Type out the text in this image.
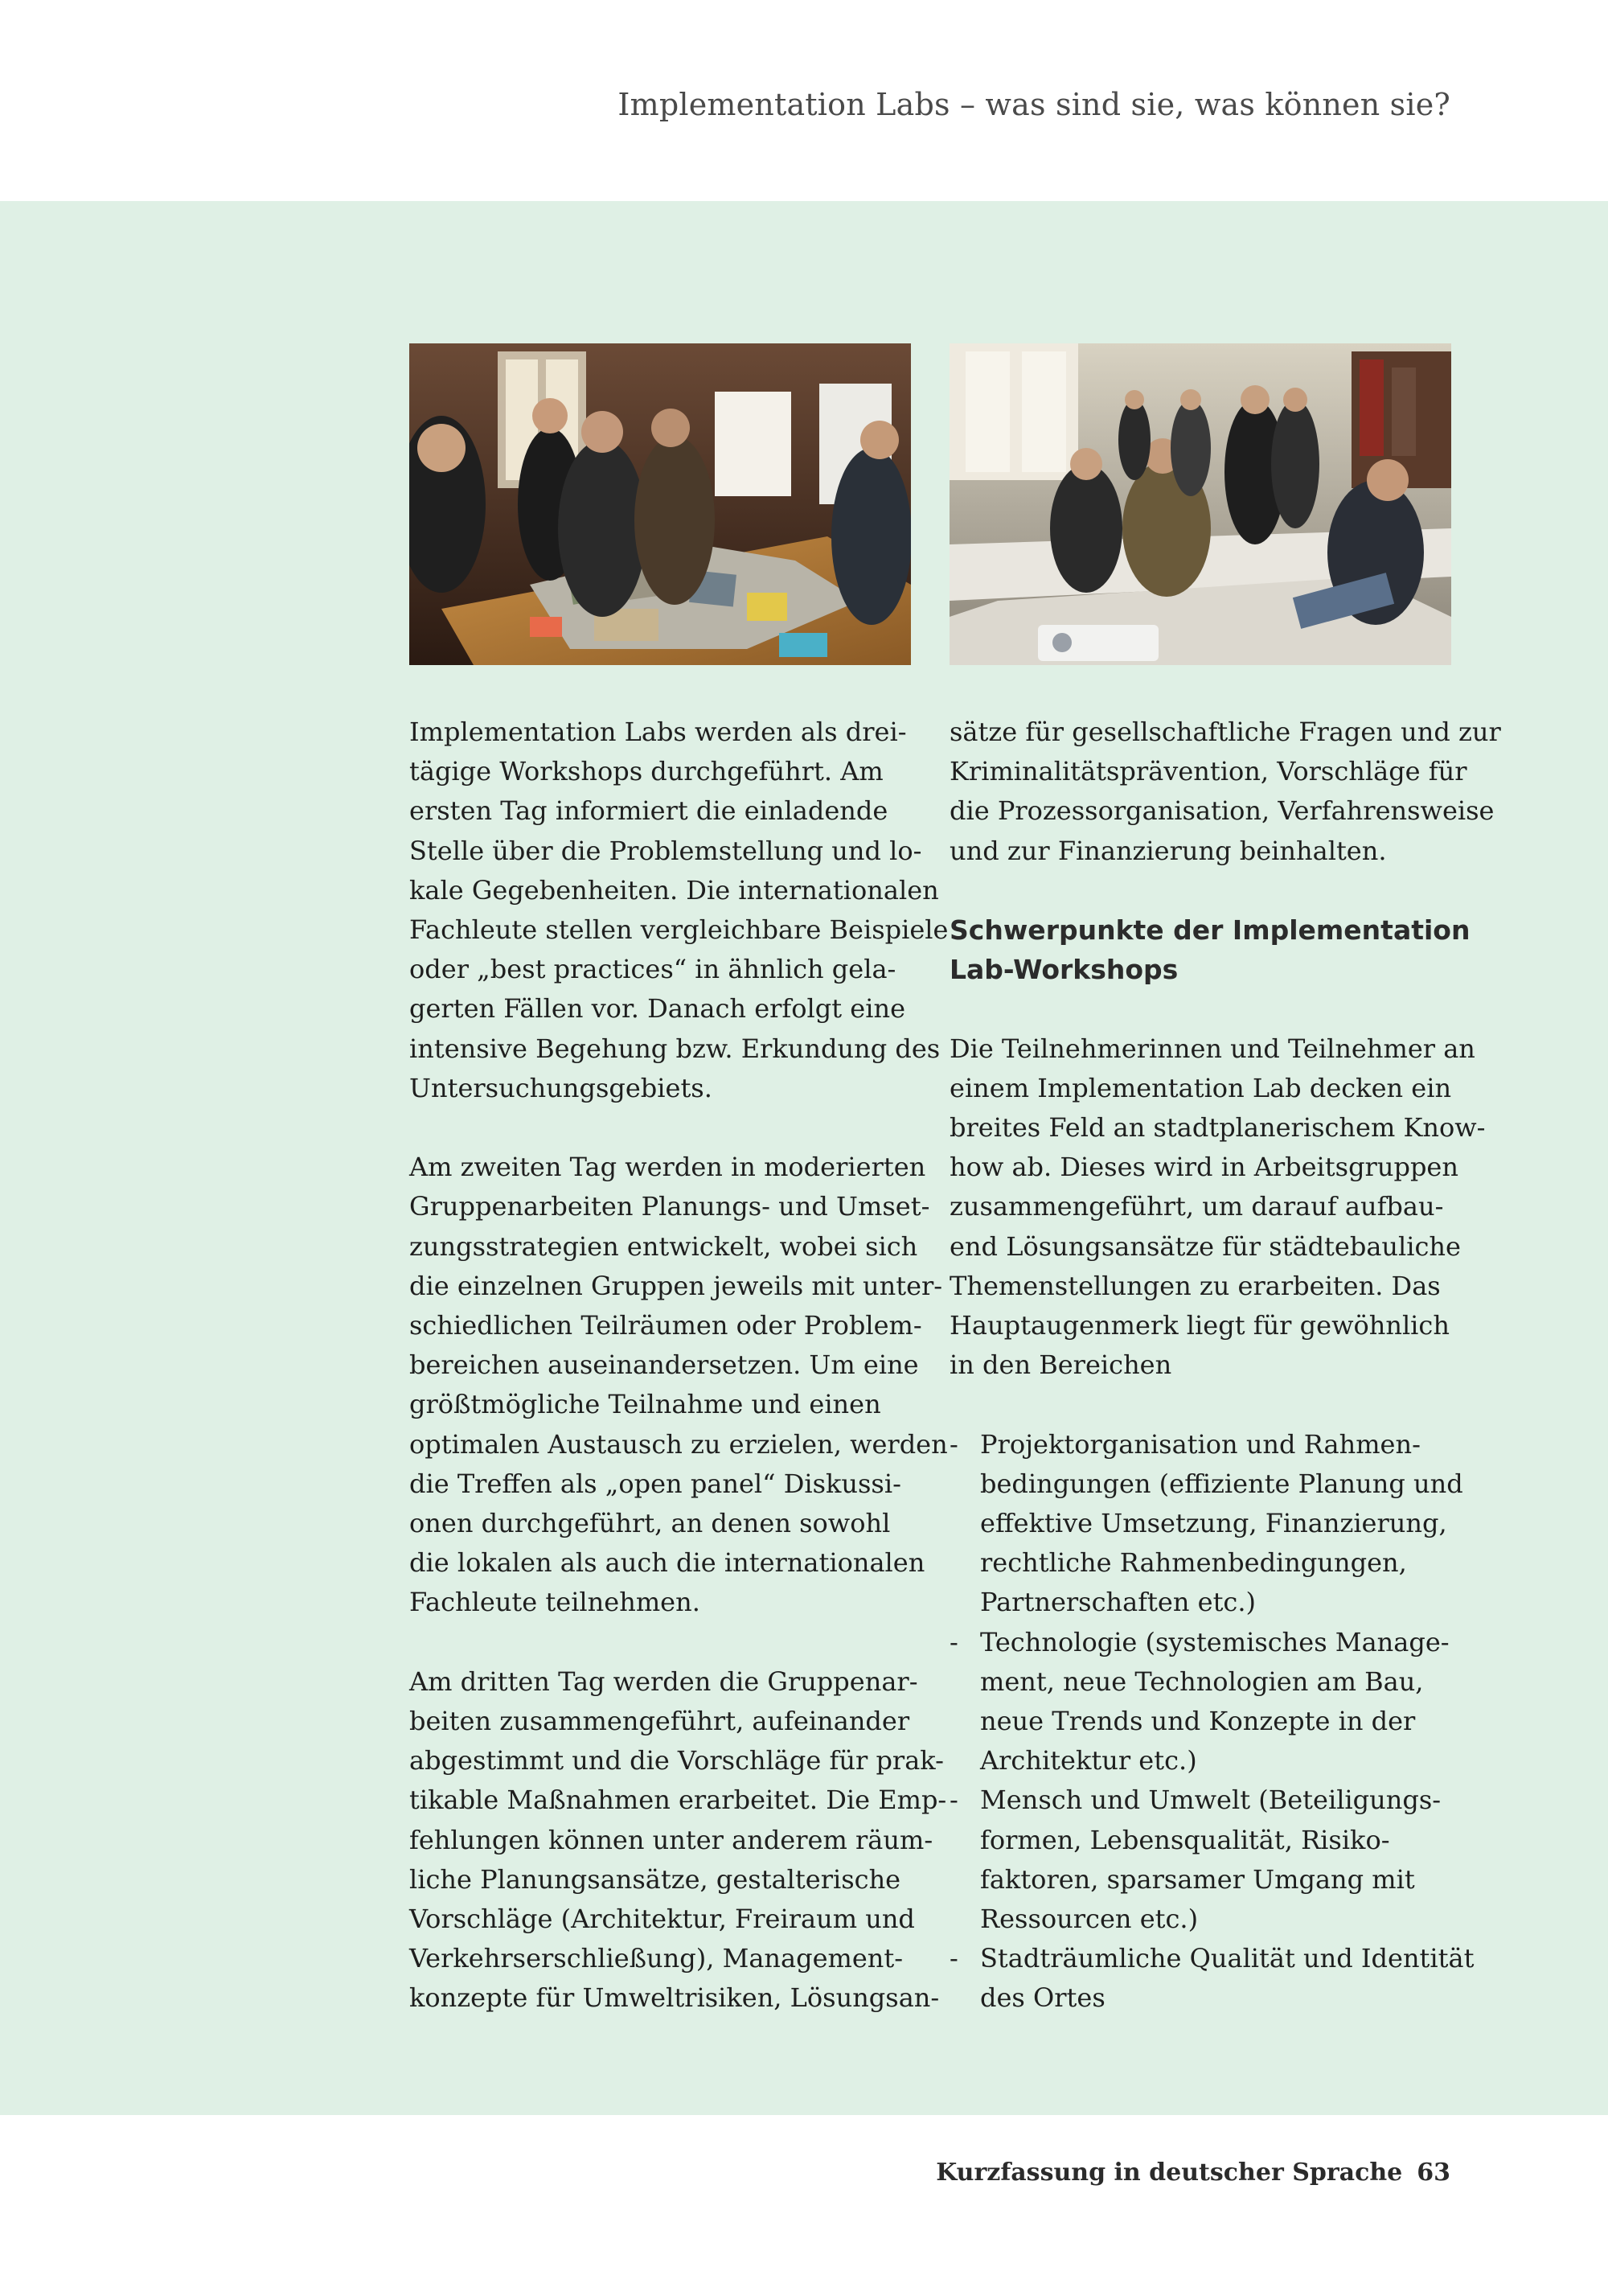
Implementation Labs – was sind sie, was können sie?

Implementation Labs werden als drei-
tägige Workshops durchgeführt. Am
ersten Tag informiert die einladende
Stelle über die Problemstellung und lo-
kale Gegebenheiten. Die internationalen
Fachleute stellen vergleichbare Beispiele
oder „best practices“ in ähnlich gela-
gerten Fällen vor. Danach erfolgt eine
intensive Begehung bzw. Erkundung des
Untersuchungsgebiets.

Am zweiten Tag werden in moderierten
Gruppenarbeiten Planungs- und Umset-
zungsstrategien entwickelt, wobei sich
die einzelnen Gruppen jeweils mit unter-
schiedlichen Teilräumen oder Problem-
bereichen auseinandersetzen. Um eine
größtmögliche Teilnahme und einen
optimalen Austausch zu erzielen, werden
die Treffen als „open panel“ Diskussi-
onen durchgeführt, an denen sowohl
die lokalen als auch die internationalen
Fachleute teilnehmen.

Am dritten Tag werden die Gruppenar-
beiten zusammengeführt, aufeinander
abgestimmt und die Vorschläge für prak-
tikable Maßnahmen erarbeitet. Die Emp-
fehlungen können unter anderem räum-
liche Planungsansätze, gestalterische
Vorschläge (Architektur, Freiraum und
Verkehrserschließung), Management-
konzepte für Umweltrisiken, Lösungsan-

sätze für gesellschaftliche Fragen und zur
Kriminalitätsprävention, Vorschläge für
die Prozessorganisation, Verfahrensweise
und zur Finanzierung beinhalten.

Schwerpunkte der Implementation
Lab-Workshops

Die Teilnehmerinnen und Teilnehmer an
einem Implementation Lab decken ein
breites Feld an stadtplanerischem Know-
how ab. Dieses wird in Arbeitsgruppen
zusammengeführt, um darauf aufbau-
end Lösungsansätze für städtebauliche
Themenstellungen zu erarbeiten. Das
Hauptaugenmerk liegt für gewöhnlich
in den Bereichen

- Projektorganisation und Rahmen-
bedingungen (effiziente Planung und
effektive Umsetzung, Finanzierung,
rechtliche Rahmenbedingungen,
Partnerschaften etc.)
- Technologie (systemisches Manage-
ment, neue Technologien am Bau,
neue Trends und Konzepte in der
Architektur etc.)
- Mensch und Umwelt (Beteiligungs-
formen, Lebensqualität, Risiko-
faktoren, sparsamer Umgang mit
Ressourcen etc.)
- Stadträumliche Qualität und Identität
des Ortes
Kurzfassung in deutscher Sprache 63
